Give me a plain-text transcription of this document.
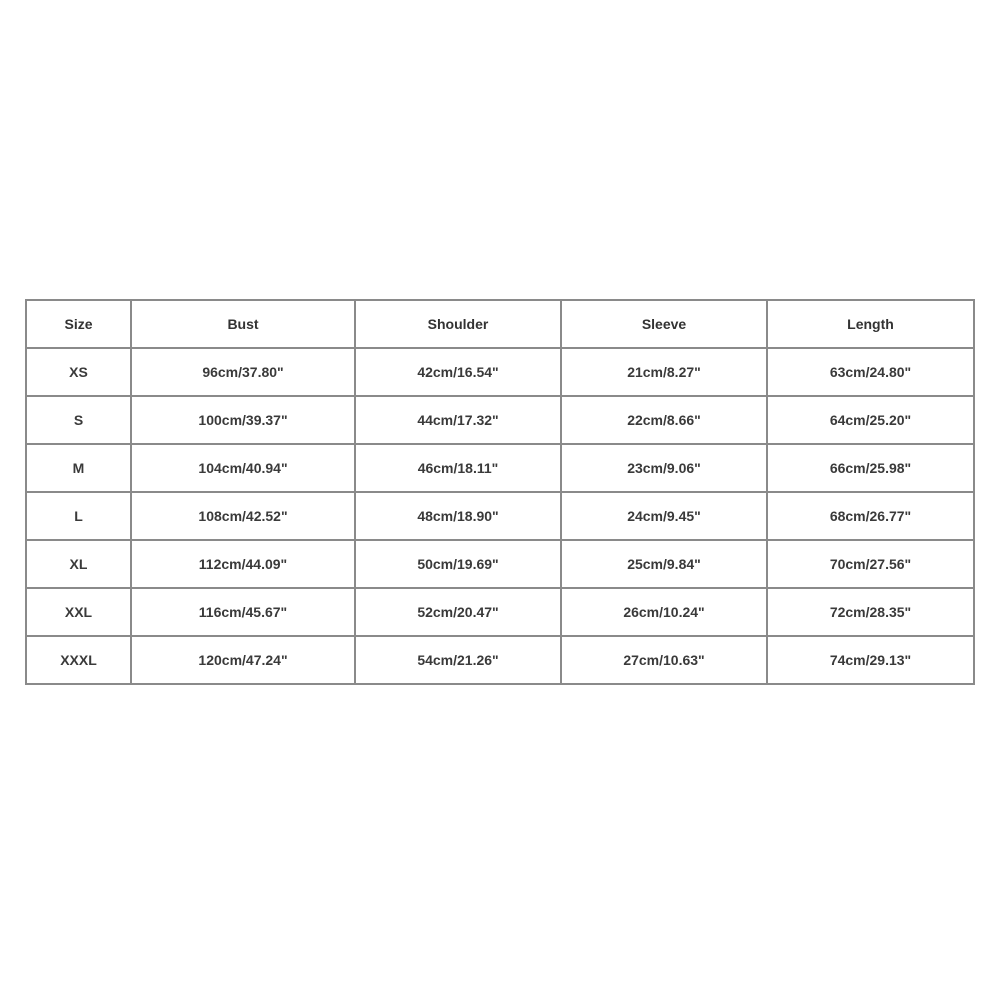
Size	Bust	Shoulder	Sleeve	Length
XS	96cm/37.80"	42cm/16.54"	21cm/8.27"	63cm/24.80"
S	100cm/39.37"	44cm/17.32"	22cm/8.66"	64cm/25.20"
M	104cm/40.94"	46cm/18.11"	23cm/9.06"	66cm/25.98"
L	108cm/42.52"	48cm/18.90"	24cm/9.45"	68cm/26.77"
XL	112cm/44.09"	50cm/19.69"	25cm/9.84"	70cm/27.56"
XXL	116cm/45.67"	52cm/20.47"	26cm/10.24"	72cm/28.35"
XXXL	120cm/47.24"	54cm/21.26"	27cm/10.63"	74cm/29.13"
